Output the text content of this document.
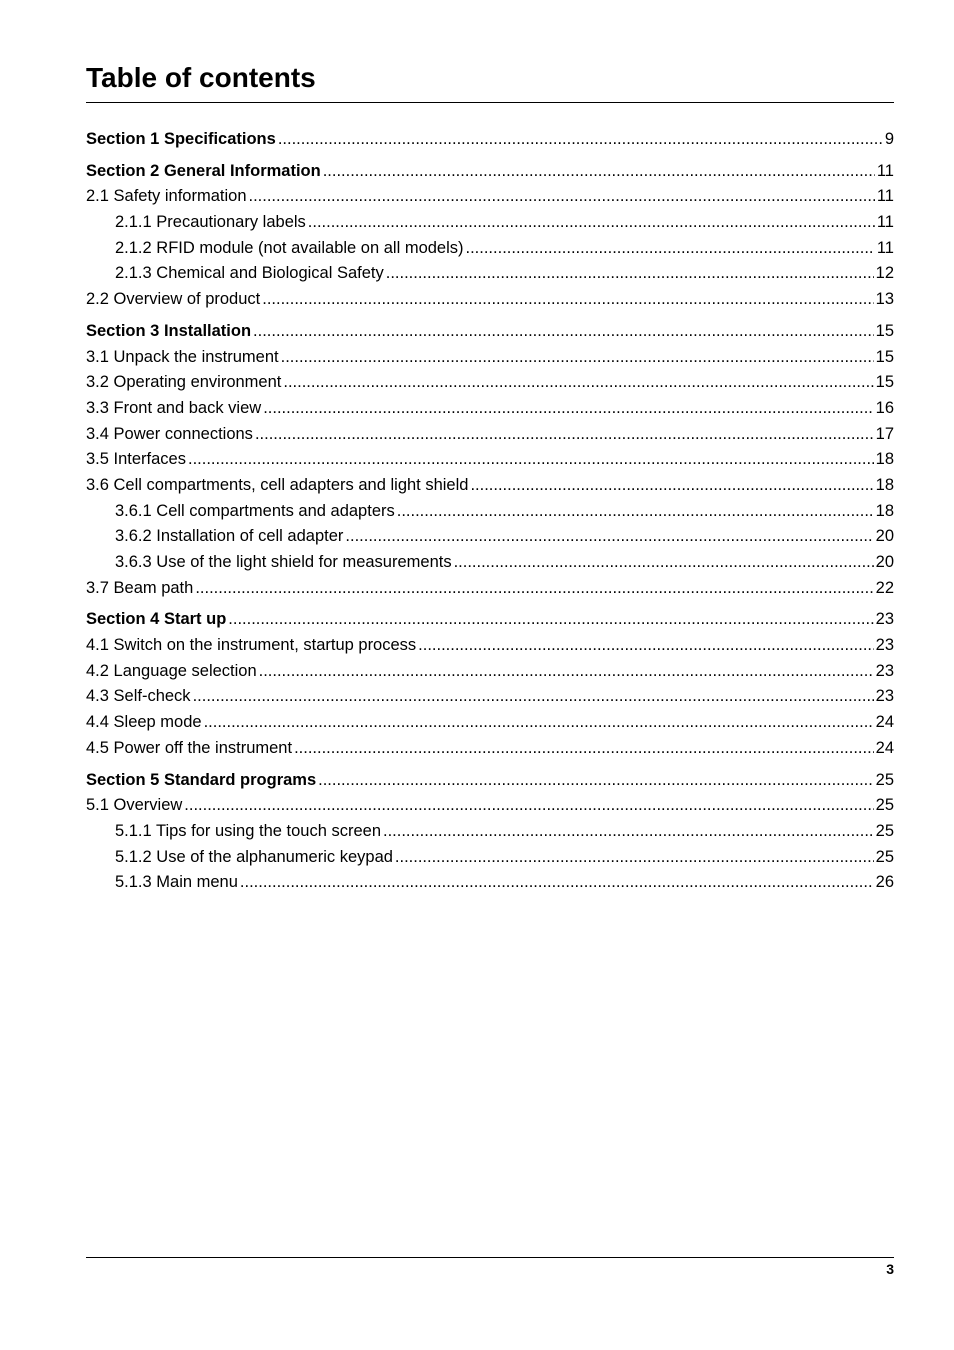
Table of contents
Section 1 Specifications .....	9
Section 2 General Information .....	11
2.1 Safety information .....	11
2.1.1 Precautionary labels .....	11
2.1.2 RFID module (not available on all models) .....	11
2.1.3 Chemical and Biological Safety .....	12
2.2 Overview of product .....	13
Section 3 Installation .....	15
3.1 Unpack the instrument .....	15
3.2 Operating environment .....	15
3.3 Front and back view .....	16
3.4 Power connections .....	17
3.5 Interfaces .....	18
3.6 Cell compartments, cell adapters and light shield .....	18
3.6.1 Cell compartments and adapters .....	18
3.6.2 Installation of cell adapter .....	20
3.6.3 Use of the light shield for measurements .....	20
3.7 Beam path .....	22
Section 4 Start up .....	23
4.1 Switch on the instrument, startup process .....	23
4.2 Language selection .....	23
4.3 Self-check .....	23
4.4 Sleep mode .....	24
4.5 Power off the instrument .....	24
Section 5 Standard programs .....	25
5.1 Overview .....	25
5.1.1 Tips for using the touch screen .....	25
5.1.2 Use of the alphanumeric keypad .....	25
5.1.3 Main menu .....	26
3
